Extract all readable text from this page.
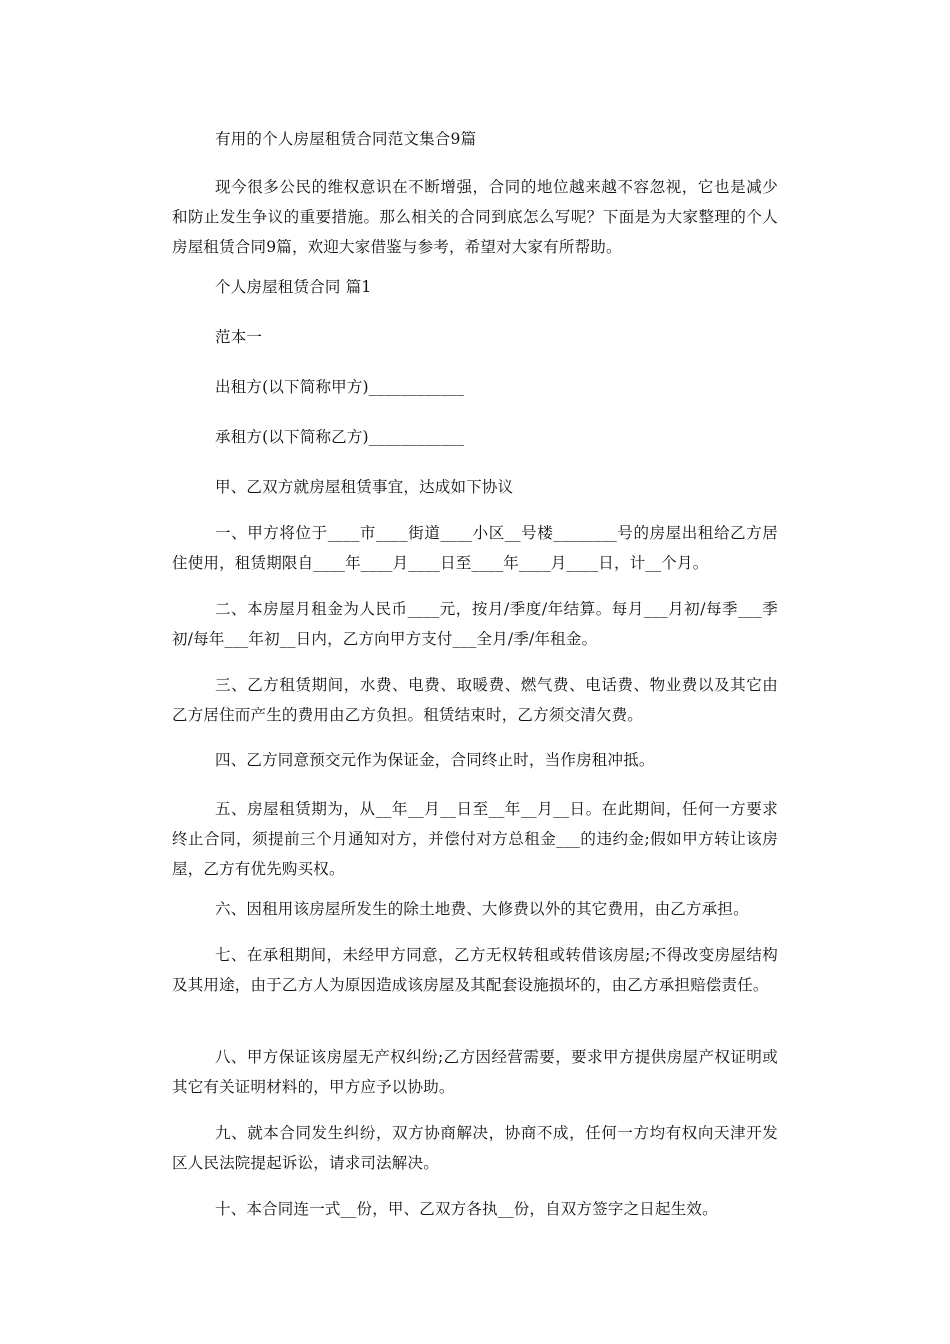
有用的个人房屋租赁合同范文集合9篇

现今很多公民的维权意识在不断增强，合同的地位越来越不容忽视，它也是减少和防止发生争议的重要措施。那么相关的合同到底怎么写呢？下面是为大家整理的个人房屋租赁合同9篇，欢迎大家借鉴与参考，希望对大家有所帮助。

个人房屋租赁合同 篇1

范本一

出租方(以下简称甲方)____________

承租方(以下简称乙方)____________

甲、乙双方就房屋租赁事宜，达成如下协议

一、甲方将位于____市____街道____小区__号楼________号的房屋出租给乙方居住使用，租赁期限自____年____月____日至____年____月____日，计__个月。

二、本房屋月租金为人民币____元，按月/季度/年结算。每月___月初/每季___季初/每年___年初__日内，乙方向甲方支付___全月/季/年租金。

三、乙方租赁期间，水费、电费、取暖费、燃气费、电话费、物业费以及其它由乙方居住而产生的费用由乙方负担。租赁结束时，乙方须交清欠费。

四、乙方同意预交元作为保证金，合同终止时，当作房租冲抵。

五、房屋租赁期为，从__年__月__日至__年__月__日。在此期间，任何一方要求终止合同，须提前三个月通知对方，并偿付对方总租金___的违约金;假如甲方转让该房屋，乙方有优先购买权。

六、因租用该房屋所发生的除土地费、大修费以外的其它费用，由乙方承担。

七、在承租期间，未经甲方同意，乙方无权转租或转借该房屋;不得改变房屋结构及其用途，由于乙方人为原因造成该房屋及其配套设施损坏的，由乙方承担赔偿责任。

八、甲方保证该房屋无产权纠纷;乙方因经营需要，要求甲方提供房屋产权证明或其它有关证明材料的，甲方应予以协助。

九、就本合同发生纠纷，双方协商解决，协商不成，任何一方均有权向天津开发区人民法院提起诉讼，请求司法解决。

十、本合同连一式__份，甲、乙双方各执__份，自双方签字之日起生效。
